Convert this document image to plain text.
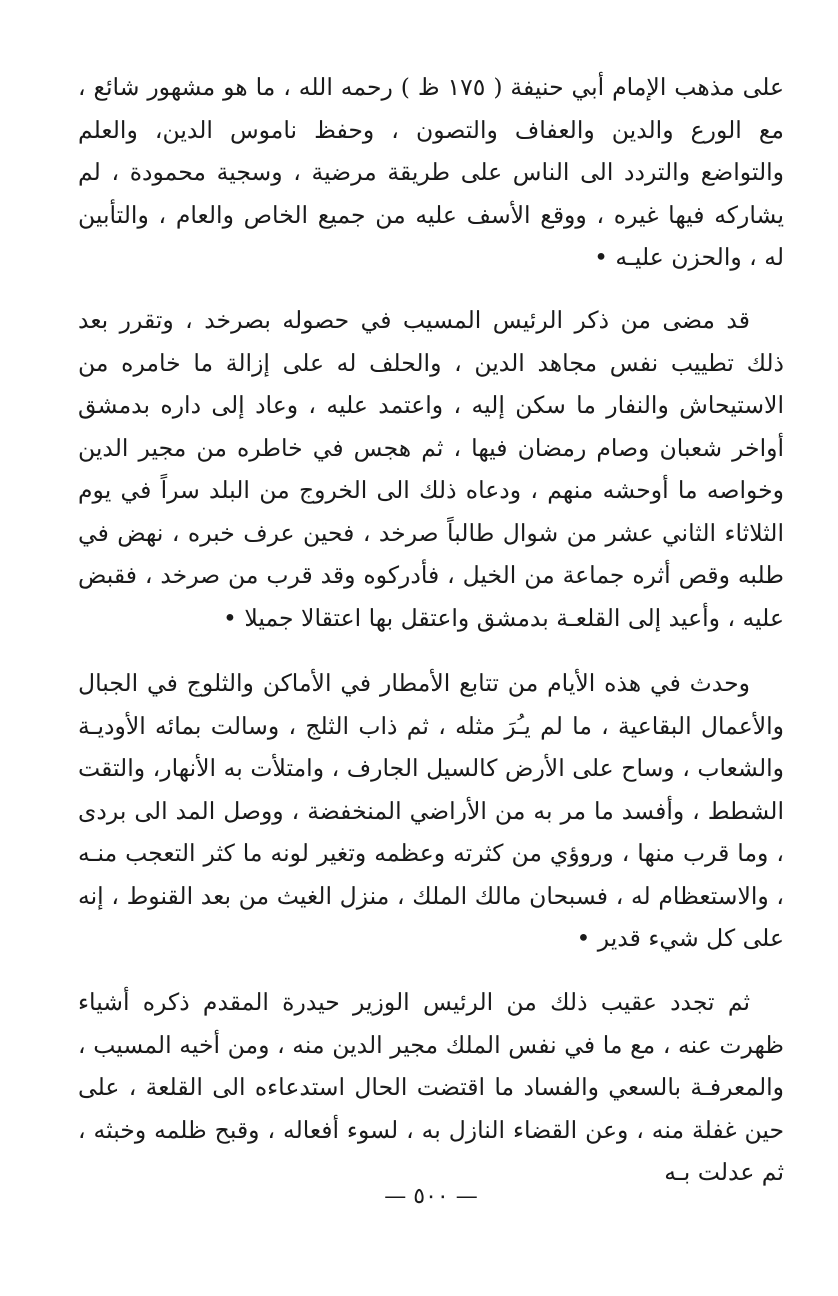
على مذهب الإمام أبي حنيفة ( ١٧٥ ظ ) رحمه الله ، ما هو مشهور شائع ، مع الورع والدين والعفاف والتصون ، وحفظ ناموس الدين، والعلم والتواضع والتردد الى الناس على طريقة مرضية ، وسجية محمودة ، لم يشاركه فيها غيره ، ووقع الأسف عليه من جميع الخاص والعام ، والتأبين له ، والحزن عليـه •

قد مضى من ذكر الرئيس المسيب في حصوله بصرخد ، وتقرر بعد ذلك تطييب نفس مجاهد الدين ، والحلف له على إزالة ما خامره من الاستيحاش والنفار ما سكن إليه ، واعتمد عليه ، وعاد إلى داره بدمشق أواخر شعبان وصام رمضان فيها ، ثم هجس في خاطره من مجير الدين وخواصه ما أوحشه منهم ، ودعاه ذلك الى الخروج من البلد سراً في يوم الثلاثاء الثاني عشر من شوال طالباً صرخد ، فحين عرف خبره ، نهض في طلبه وقص أثره جماعة من الخيل ، فأدركوه وقد قرب من صرخد ، فقبض عليه ، وأعيد إلى القلعـة بدمشق واعتقل بها اعتقالا جميلا •

وحدث في هذه الأيام من تتابع الأمطار في الأماكن والثلوج في الجبال والأعمال البقاعية ، ما لم يـُرَ مثله ، ثم ذاب الثلج ، وسالت بمائه الأوديـة والشعاب ، وساح على الأرض كالسيل الجارف ، وامتلأت به الأنهار، والتقت الشطط ، وأفسد ما مر به من الأراضي المنخفضة ، ووصل المد الى بردى ، وما قرب منها ، وروؤي من كثرته وعظمه وتغير لونه ما كثر التعجب منـه ، والاستعظام له ، فسبحان مالك الملك ، منزل الغيث من بعد القنوط ، إنه على كل شيء قدير •

ثم تجدد عقيب ذلك من الرئيس الوزير حيدرة المقدم ذكره أشياء ظهرت عنه ، مع ما في نفس الملك مجير الدين منه ، ومن أخيه المسيب ، والمعرفـة بالسعي والفساد ما اقتضت الحال استدعاءه الى القلعة ، على حين غفلة منه ، وعن القضاء النازل به ، لسوء أفعاله ، وقبح ظلمه وخبثه ، ثم عدلت بـه

— ٥٠٠ —
